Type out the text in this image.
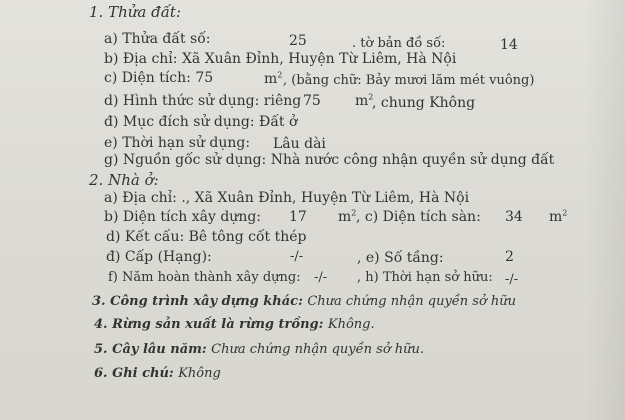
1. Thửa đất:
a) Thửa đất số:	25	. tờ bản đồ số:	14
b) Địa chỉ: Xã Xuân Đỉnh, Huyện Từ Liêm, Hà Nội
c) Diện tích: 75	$m^2$ , (bằng chữ: Bảy mươi lăm mét vuông)
d) Hình thức sử dụng: riêng 75 $m^2$
, chung Không
đ) Mục đích sử dụng: Đất ở
e) Thời hạn sử dụng: Lâu dài
g) Nguồn gốc sử dụng: Nhà nước công nhận quyền sử dụng đất
2. Nhà ở:
a) Địa chỉ: ., Xã Xuân Đỉnh, Huyện Từ Liêm, Hà Nội
b) Diện tích xây dựng: 17 $m^2$ , c) Diện tích sàn: 34 $m^2$
d) Kết cấu: Bê tông cốt thép
đ) Cấp (Hạng):	-/-	, e) Số tầng:	2
f) Năm hoàn thành xây dựng: -/- , h) Thời hạn sở hữu: -/-
3. Công trình xây dựng khác: Chưa chứng nhận quyền sở hữu
4. Rừng sản xuất là rừng trồng: Không.
5. Cây lâu năm: Chưa chứng nhận quyền sở hữu.
6. Ghi chú: Không
